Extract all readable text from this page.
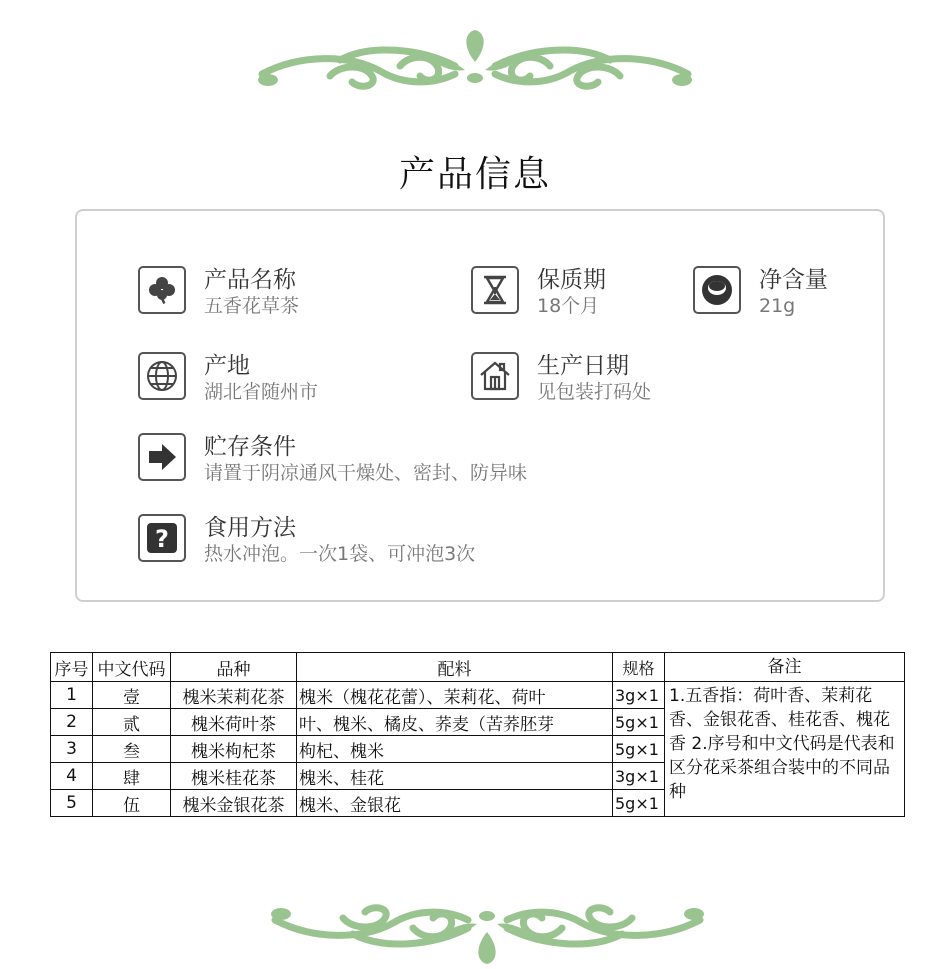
产品信息
产品名称
五香花草茶
保质期
18个月
净含量
21g
产地
湖北省随州市
生产日期
见包装打码处
贮存条件
请置于阴凉通风干燥处、密封、防异味
? 食用方法
热水冲泡。一次1袋、可冲泡3次
序号	中文代码	品种	配料	规格	备注
1	壹	槐米茉莉花茶	槐米（槐花花蕾）、茉莉花、荷叶	3g×1	1.五香指：荷叶香、茉莉花香、金银花香、桂花香、槐花香 2.序号和中文代码是代表和区分花采茶组合装中的不同品种
2	贰	槐米荷叶茶	叶、槐米、橘皮、荞麦（苦荞胚芽	5g×1	
3	叁	槐米枸杞茶	枸杞、槐米	5g×1	
4	肆	槐米桂花茶	槐米、桂花	3g×1	
5	伍	槐米金银花茶	槐米、金银花	5g×1	
